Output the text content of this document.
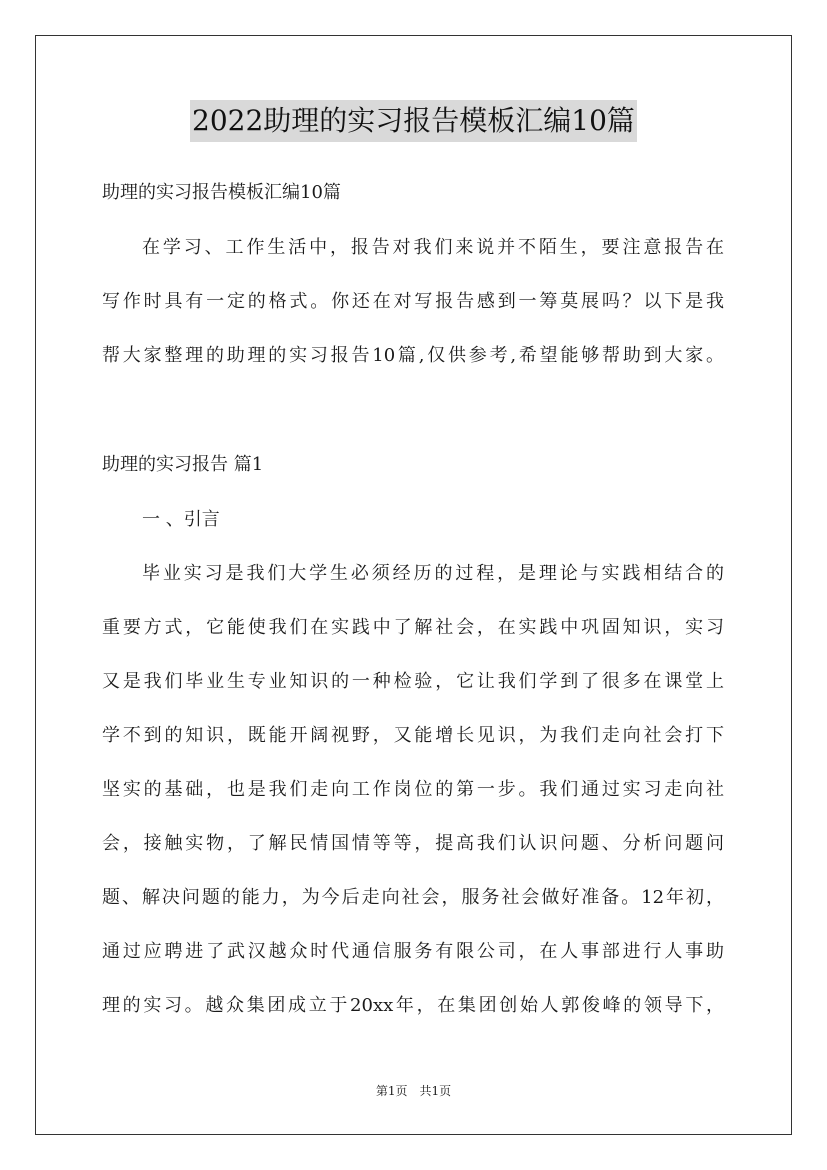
2022助理的实习报告模板汇编10篇
助理的实习报告模板汇编10篇
在学习、工作生活中，报告对我们来说并不陌生，要注意报告在
写作时具有一定的格式。你还在对写报告感到一筹莫展吗？以下是我
帮大家整理的助理的实习报告10篇,仅供参考,希望能够帮助到大家。
助理的实习报告 篇1
一 、引言
毕业实习是我们大学生必须经历的过程，是理论与实践相结合的
重要方式，它能使我们在实践中了解社会，在实践中巩固知识，实习
又是我们毕业生专业知识的一种检验，它让我们学到了很多在课堂上
学不到的知识，既能开阔视野，又能增长见识，为我们走向社会打下
坚实的基础，也是我们走向工作岗位的第一步。我们通过实习走向社
会，接触实物，了解民情国情等等，提高我们认识问题、分析问题问
题、解决问题的能力，为今后走向社会，服务社会做好准备。12年初，
通过应聘进了武汉越众时代通信服务有限公司，在人事部进行人事助
理的实习。越众集团成立于20xx年，在集团创始人郭俊峰的领导下，
第1页　共1页
